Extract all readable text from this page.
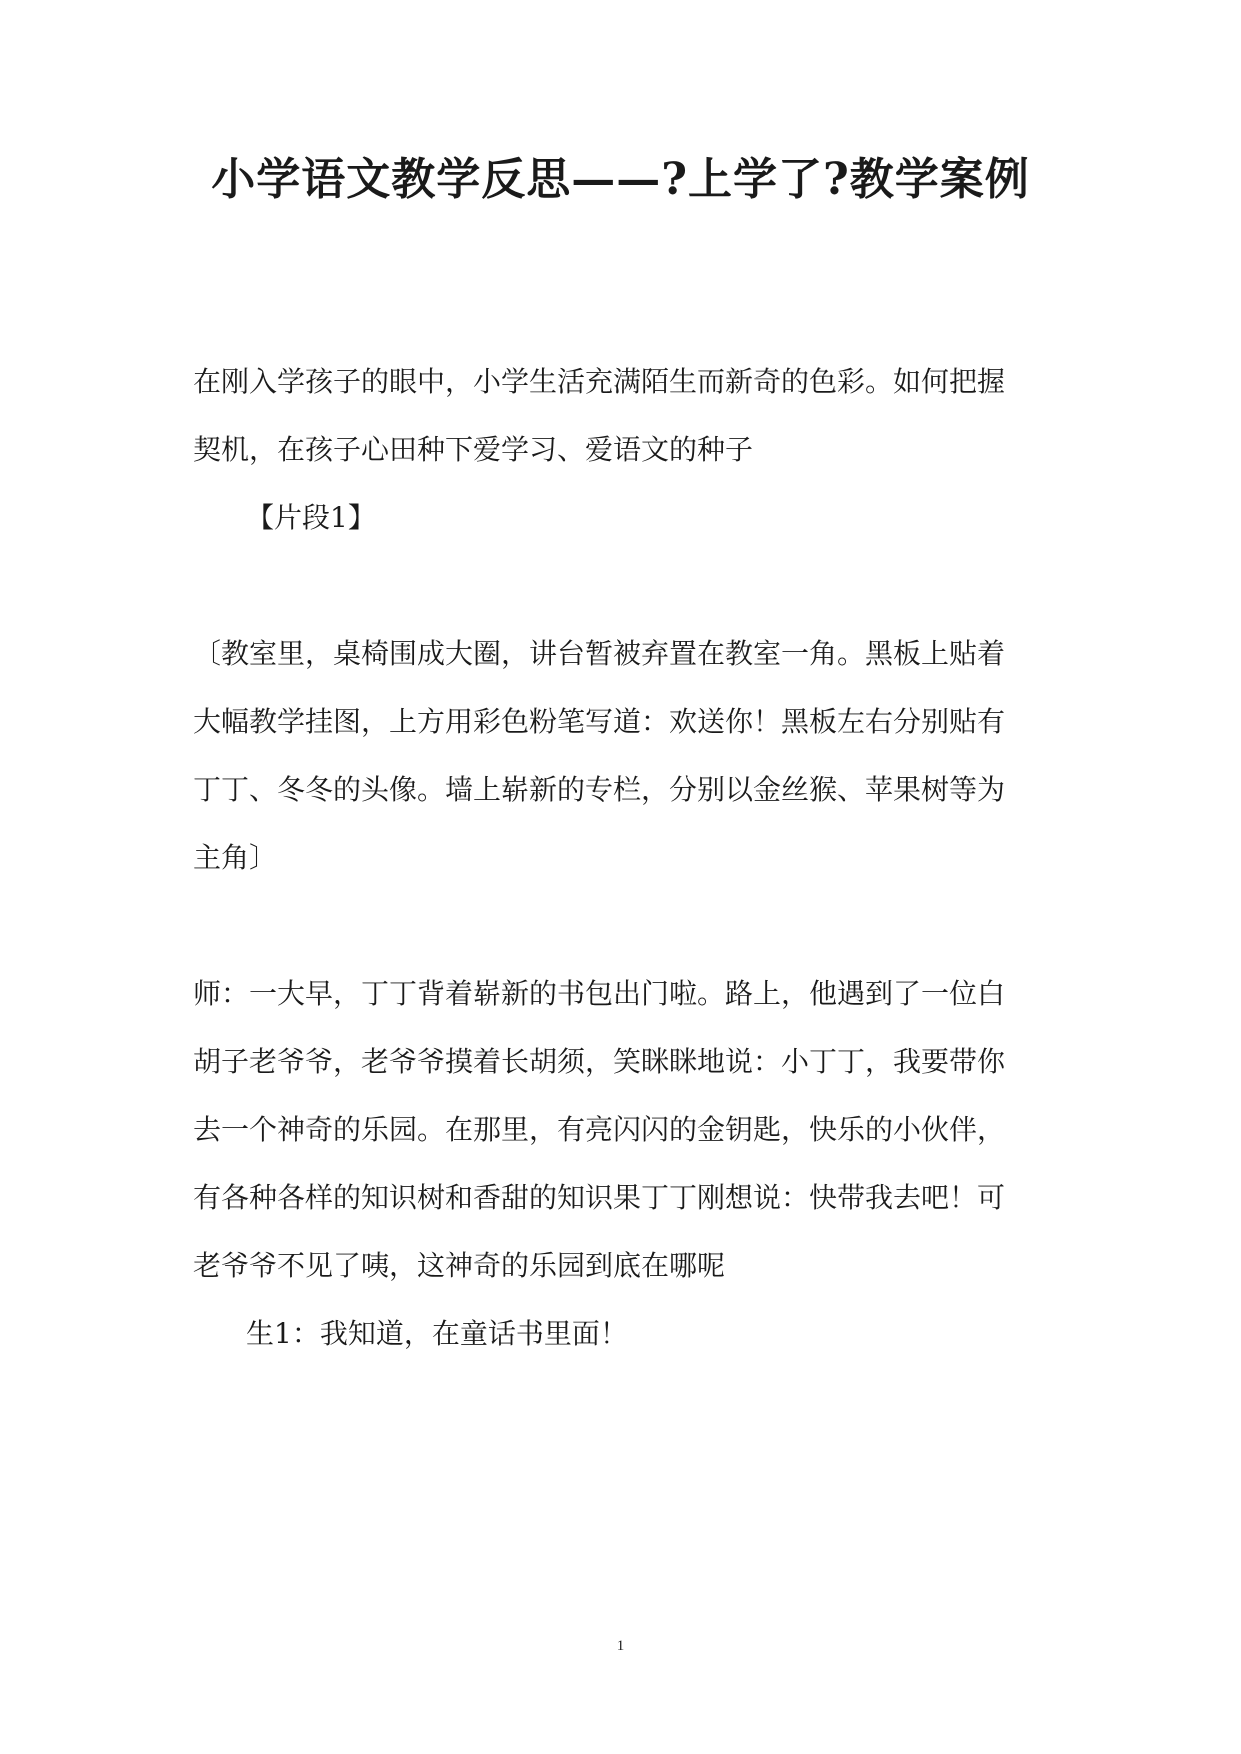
小学语文教学反思——?上学了?教学案例

在刚入学孩子的眼中，小学生活充满陌生而新奇的色彩。如何把握

契机，在孩子心田种下爱学习、爱语文的种子

【片段1】

〔教室里，桌椅围成大圈，讲台暂被弃置在教室一角。黑板上贴着

大幅教学挂图，上方用彩色粉笔写道：欢送你！黑板左右分别贴有

丁丁、冬冬的头像。墙上崭新的专栏，分别以金丝猴、苹果树等为

主角〕

师：一大早，丁丁背着崭新的书包出门啦。路上，他遇到了一位白

胡子老爷爷，老爷爷摸着长胡须，笑眯眯地说：小丁丁，我要带你

去一个神奇的乐园。在那里，有亮闪闪的金钥匙，快乐的小伙伴，

有各种各样的知识树和香甜的知识果丁丁刚想说：快带我去吧！可

老爷爷不见了咦，这神奇的乐园到底在哪呢

生1：我知道，在童话书里面！

1
